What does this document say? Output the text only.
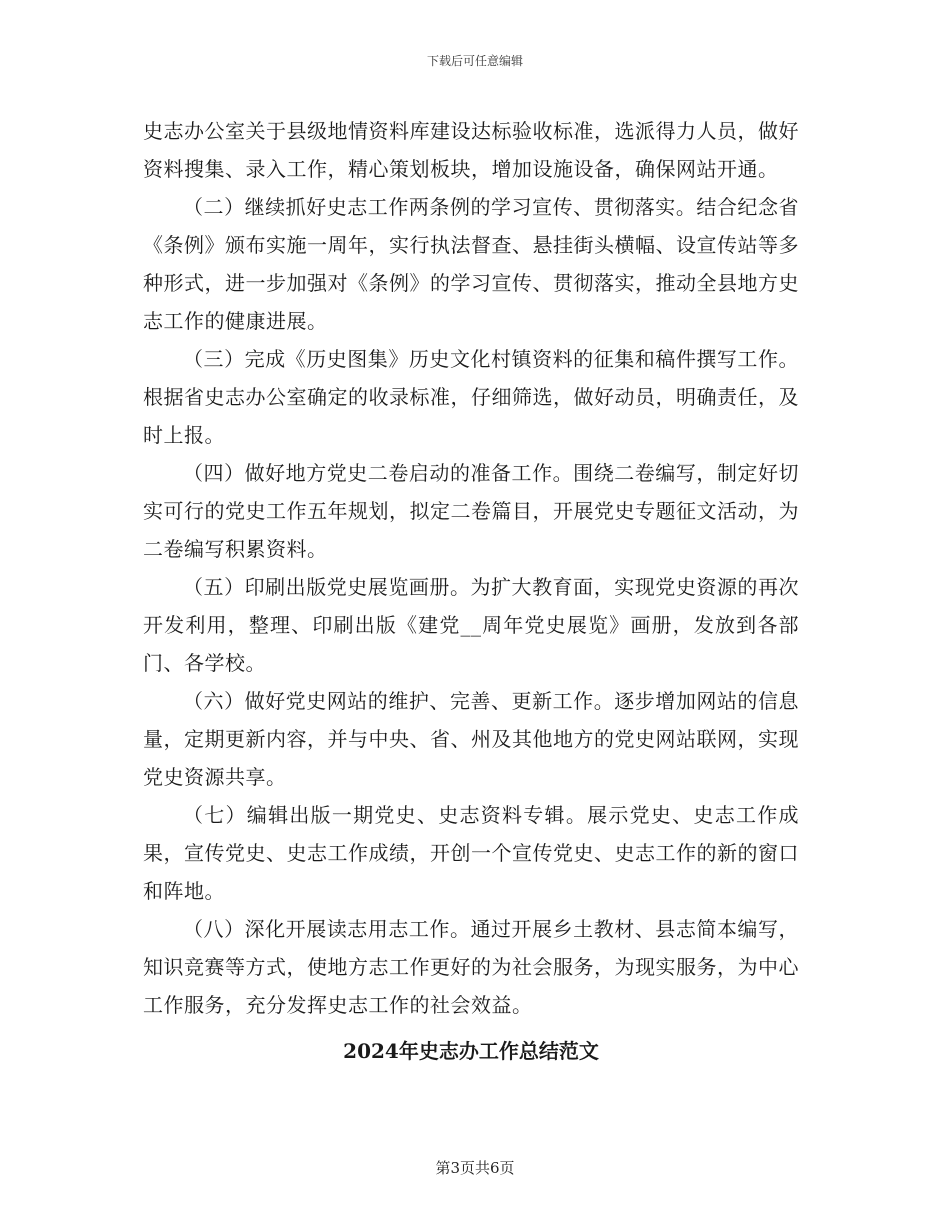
下载后可任意编辑

史志办公室关于县级地情资料库建设达标验收标准，选派得力人员，做好资料搜集、录入工作，精心策划板块，增加设施设备，确保网站开通。

（二）继续抓好史志工作两条例的学习宣传、贯彻落实。结合纪念省《条例》颁布实施一周年，实行执法督查、悬挂街头横幅、设宣传站等多种形式，进一步加强对《条例》的学习宣传、贯彻落实，推动全县地方史志工作的健康进展。

（三）完成《历史图集》历史文化村镇资料的征集和稿件撰写工作。根据省史志办公室确定的收录标准，仔细筛选，做好动员，明确责任，及时上报。

（四）做好地方党史二卷启动的准备工作。围绕二卷编写，制定好切实可行的党史工作五年规划，拟定二卷篇目，开展党史专题征文活动，为二卷编写积累资料。

（五）印刷出版党史展览画册。为扩大教育面，实现党史资源的再次开发利用，整理、印刷出版《建党__周年党史展览》画册，发放到各部门、各学校。

（六）做好党史网站的维护、完善、更新工作。逐步增加网站的信息量，定期更新内容，并与中央、省、州及其他地方的党史网站联网，实现党史资源共享。

（七）编辑出版一期党史、史志资料专辑。展示党史、史志工作成果，宣传党史、史志工作成绩，开创一个宣传党史、史志工作的新的窗口和阵地。

（八）深化开展读志用志工作。通过开展乡土教材、县志简本编写，知识竞赛等方式，使地方志工作更好的为社会服务，为现实服务，为中心工作服务，充分发挥史志工作的社会效益。

2024年史志办工作总结范文

第3页共6页
